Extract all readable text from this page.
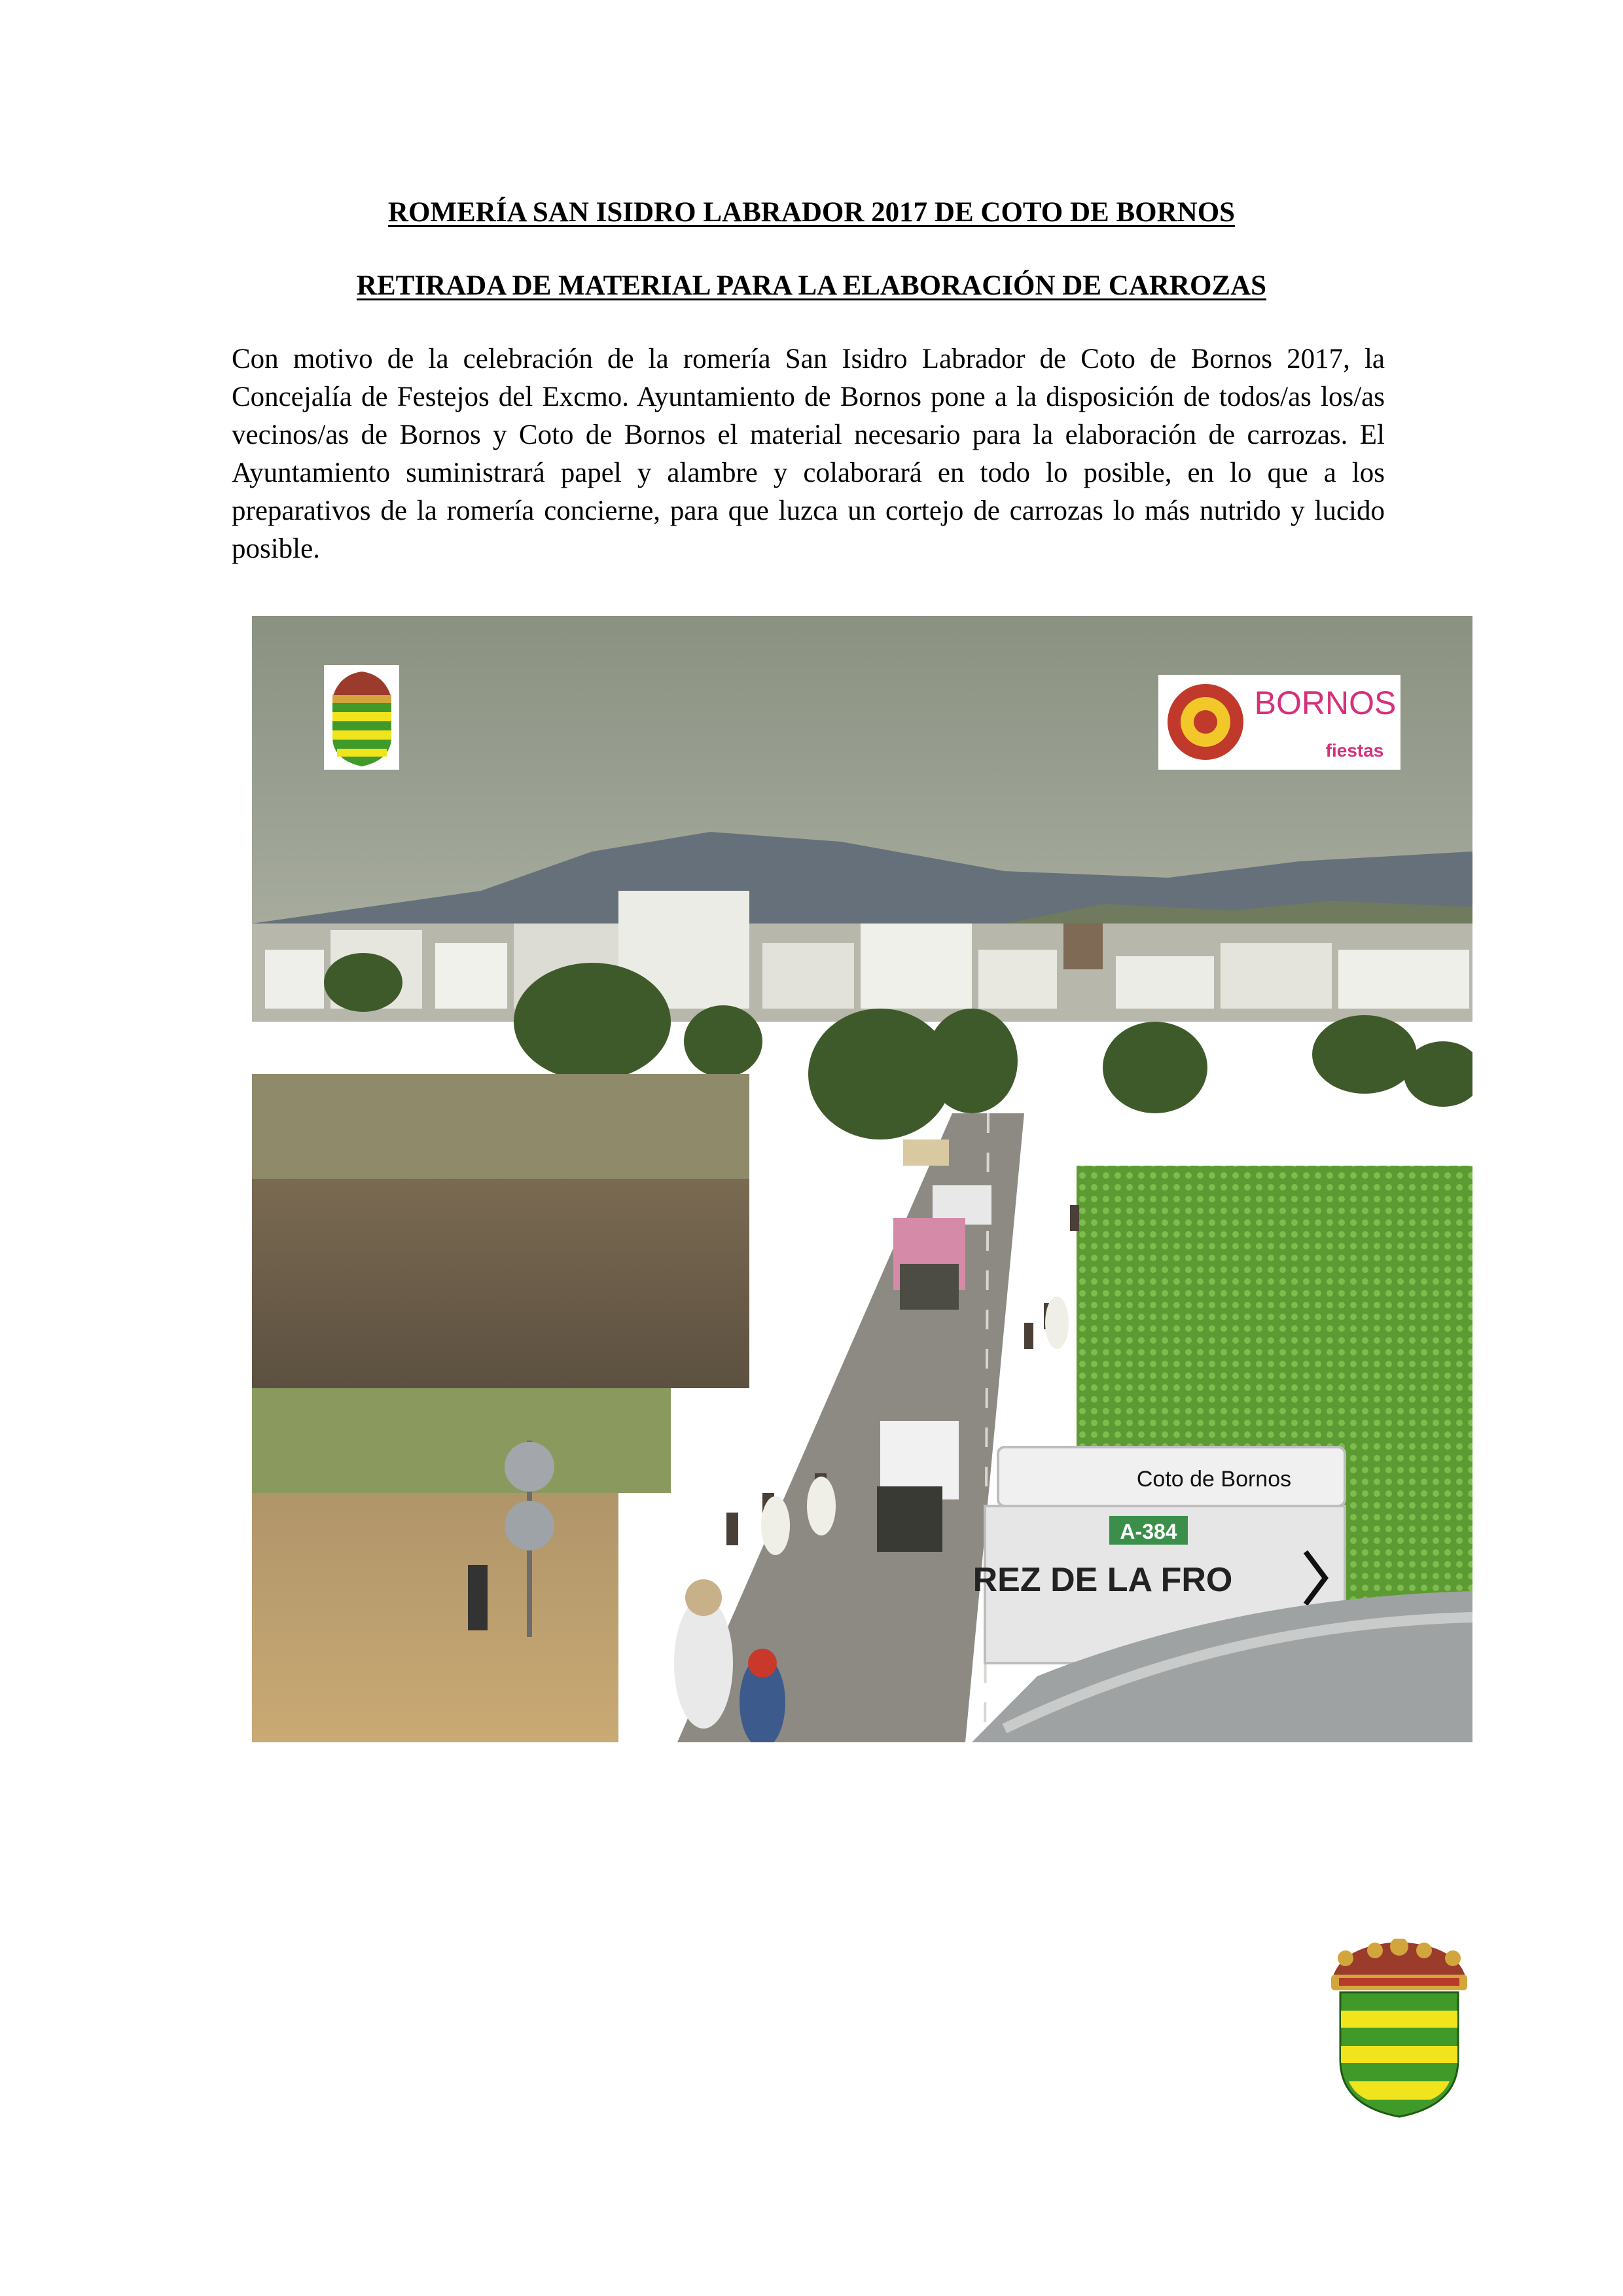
ROMERÍA SAN ISIDRO LABRADOR 2017 DE COTO DE BORNOS
RETIRADA DE MATERIAL PARA LA ELABORACIÓN DE CARROZAS

Con motivo de la celebración de la romería San Isidro Labrador de Coto de Bornos 2017, la Concejalía de Festejos del Excmo. Ayuntamiento de Bornos pone a la disposición de todos/as los/as vecinos/as de Bornos y Coto de Bornos el material necesario para la elaboración de carrozas. El Ayuntamiento suministrará papel y alambre y colaborará en todo lo posible, en lo que a los preparativos de la romería concierne, para que luzca un cortejo de carrozas lo más nutrido y lucido posible.

Coto de Bornos
A-384
REZ DE LA FRO
BORNOS
fiestas
